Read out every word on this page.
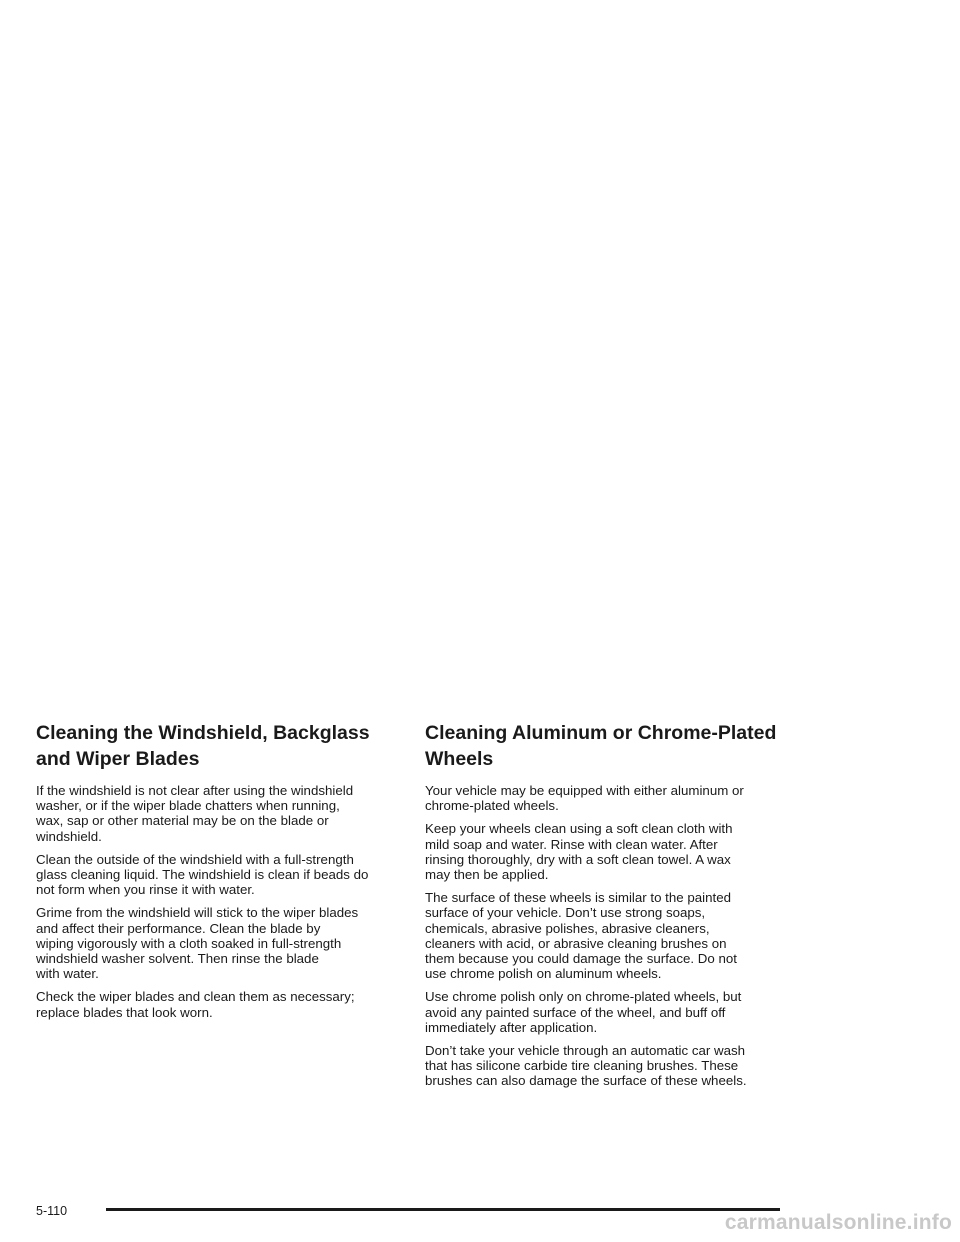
Cleaning the Windshield, Backglass
and Wiper Blades

If the windshield is not clear after using the windshield
washer, or if the wiper blade chatters when running,
wax, sap or other material may be on the blade or
windshield.

Clean the outside of the windshield with a full-strength
glass cleaning liquid. The windshield is clean if beads do
not form when you rinse it with water.

Grime from the windshield will stick to the wiper blades
and affect their performance. Clean the blade by
wiping vigorously with a cloth soaked in full-strength
windshield washer solvent. Then rinse the blade
with water.

Check the wiper blades and clean them as necessary;
replace blades that look worn.

Cleaning Aluminum or Chrome-Plated
Wheels

Your vehicle may be equipped with either aluminum or
chrome-plated wheels.

Keep your wheels clean using a soft clean cloth with
mild soap and water. Rinse with clean water. After
rinsing thoroughly, dry with a soft clean towel. A wax
may then be applied.

The surface of these wheels is similar to the painted
surface of your vehicle. Don’t use strong soaps,
chemicals, abrasive polishes, abrasive cleaners,
cleaners with acid, or abrasive cleaning brushes on
them because you could damage the surface. Do not
use chrome polish on aluminum wheels.

Use chrome polish only on chrome-plated wheels, but
avoid any painted surface of the wheel, and buff off
immediately after application.

Don’t take your vehicle through an automatic car wash
that has silicone carbide tire cleaning brushes. These
brushes can also damage the surface of these wheels.

5-110	carmanualsonline.info
